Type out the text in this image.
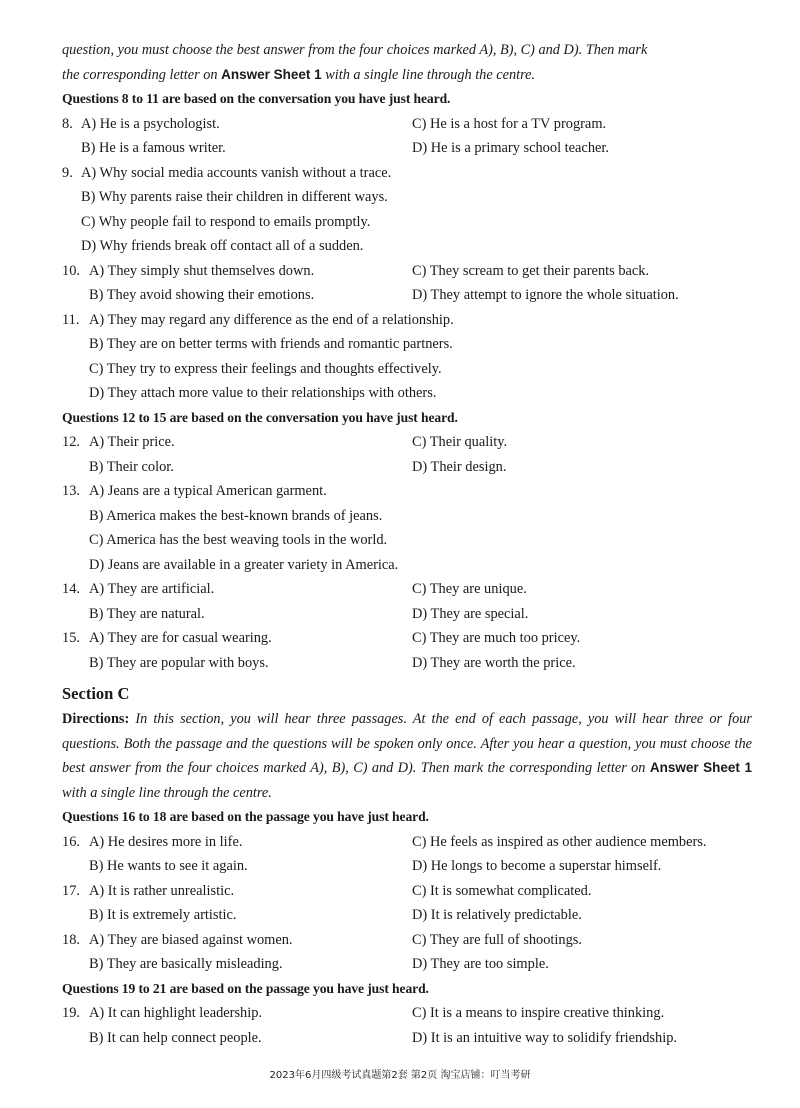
question, you must choose the best answer from the four choices marked A), B), C) and D). Then mark
the corresponding letter on Answer Sheet 1 with a single line through the centre.
Questions 8 to 11 are based on the conversation you have just heard.
8. A) He is a psychologist.	C) He is a host for a TV program.
B) He is a famous writer.	D) He is a primary school teacher.
9. A) Why social media accounts vanish without a trace.
B) Why parents raise their children in different ways.
C) Why people fail to respond to emails promptly.
D) Why friends break off contact all of a sudden.
10. A) They simply shut themselves down.	C) They scream to get their parents back.
B) They avoid showing their emotions.	D) They attempt to ignore the whole situation.
11. A) They may regard any difference as the end of a relationship.
B) They are on better terms with friends and romantic partners.
C) They try to express their feelings and thoughts effectively.
D) They attach more value to their relationships with others.
Questions 12 to 15 are based on the conversation you have just heard.
12. A) Their price.	C) Their quality.
B) Their color.	D) Their design.
13. A) Jeans are a typical American garment.
B) America makes the best-known brands of jeans.
C) America has the best weaving tools in the world.
D) Jeans are available in a greater variety in America.
14. A) They are artificial.	C) They are unique.
B) They are natural.	D) They are special.
15. A) They are for casual wearing.	C) They are much too pricey.
B) They are popular with boys.	D) They are worth the price.
Section C
Directions: In this section, you will hear three passages. At the end of each passage, you will hear three or four questions. Both the passage and the questions will be spoken only once. After you hear a question, you must choose the best answer from the four choices marked A), B), C) and D). Then mark the corresponding letter on Answer Sheet 1 with a single line through the centre.
Questions 16 to 18 are based on the passage you have just heard.
16. A) He desires more in life.	C) He feels as inspired as other audience members.
B) He wants to see it again.	D) He longs to become a superstar himself.
17. A) It is rather unrealistic.	C) It is somewhat complicated.
B) It is extremely artistic.	D) It is relatively predictable.
18. A) They are biased against women.	C) They are full of shootings.
B) They are basically misleading.	D) They are too simple.
Questions 19 to 21 are based on the passage you have just heard.
19. A) It can highlight leadership.	C) It is a means to inspire creative thinking.
B) It can help connect people.	D) It is an intuitive way to solidify friendship.
2023年6月四级考试真题第2套 第2页 淘宝店铺：叮当考研
